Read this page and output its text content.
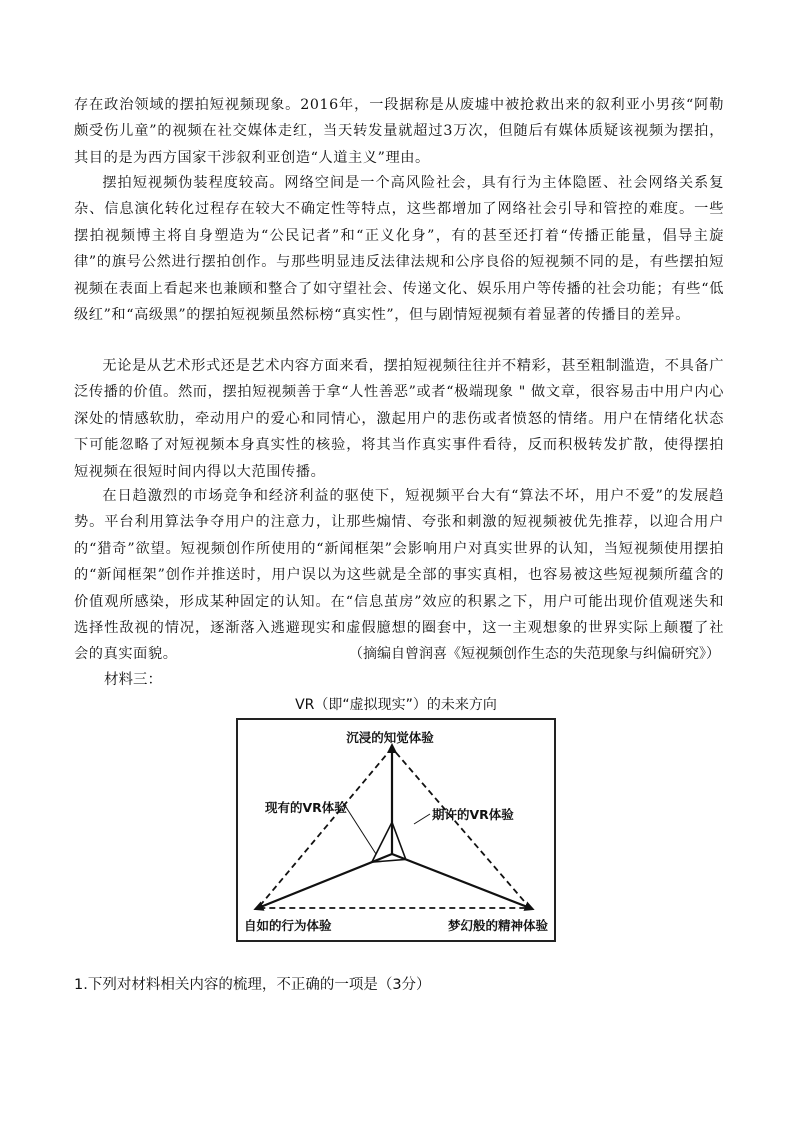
存在政治领域的摆拍短视频现象。2016年，一段据称是从废墟中被抢救出来的叙利亚小男孩“阿勒颇受伤儿童”的视频在社交媒体走红，当天转发量就超过3万次，但随后有媒体质疑该视频为摆拍，其目的是为西方国家干涉叙利亚创造“人道主义”理由。

摆拍短视频伪装程度较高。网络空间是一个高风险社会，具有行为主体隐匿、社会网络关系复杂、信息演化转化过程存在较大不确定性等特点，这些都增加了网络社会引导和管控的难度。一些摆拍视频博主将自身塑造为“公民记者”和“正义化身”，有的甚至还打着“传播正能量，倡导主旋律”的旗号公然进行摆拍创作。与那些明显违反法律法规和公序良俗的短视频不同的是，有些摆拍短视频在表面上看起来也兼顾和整合了如守望社会、传递文化、娱乐用户等传播的社会功能；有些“低级红”和“高级黑”的摆拍短视频虽然标榜“真实性”，但与剧情短视频有着显著的传播目的差异。

无论是从艺术形式还是艺术内容方面来看，摆拍短视频往往并不精彩，甚至粗制滥造，不具备广泛传播的价值。然而，摆拍短视频善于拿“人性善恶”或者“极端现象 " 做文章，很容易击中用户内心深处的情感软肋，牵动用户的爱心和同情心，激起用户的悲伤或者愤怒的情绪。用户在情绪化状态下可能忽略了对短视频本身真实性的核验，将其当作真实事件看待，反而积极转发扩散，使得摆拍短视频在很短时间内得以大范围传播。

在日趋激烈的市场竞争和经济利益的驱使下，短视频平台大有“算法不坏，用户不爱”的发展趋势。平台利用算法争夺用户的注意力，让那些煽情、夸张和刺激的短视频被优先推荐，以迎合用户的“猎奇”欲望。短视频创作所使用的“新闻框架”会影响用户对真实世界的认知，当短视频使用摆拍的“新闻框架”创作并推送时，用户误以为这些就是全部的事实真相，也容易被这些短视频所蕴含的价值观所感染，形成某种固定的认知。在“信息茧房”效应的积累之下，用户可能出现价值观迷失和选择性敌视的情况，逐渐落入逃避现实和虚假臆想的圈套中，这一主观想象的世界实际上颠覆了社会的真实面貌。	（摘编自曾润喜《短视频创作生态的失范现象与纠偏研究》）

材料三：

VR（即“虚拟现实”）的未来方向

沉浸的知觉体验
自如的行为体验	梦幻般的精神体验
现有的VR体验	期许的VR体验

1.下列对材料相关内容的梳理，不正确的一项是（3分）
